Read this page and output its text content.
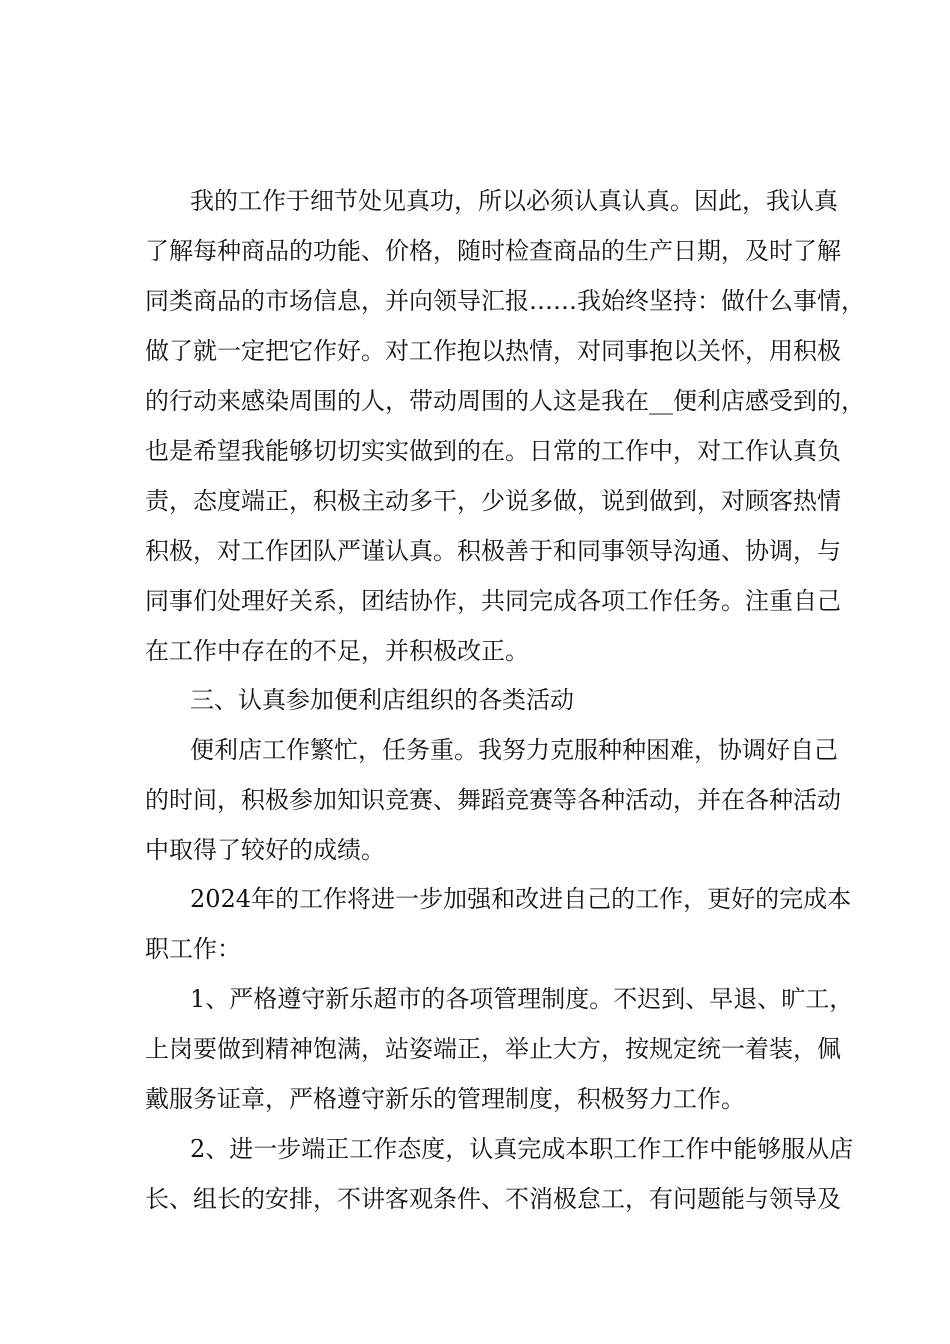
我的工作于细节处见真功，所以必须认真认真。因此，我认真
了解每种商品的功能、价格，随时检查商品的生产日期，及时了解
同类商品的市场信息，并向领导汇报……我始终坚持：做什么事情，
做了就一定把它作好。对工作抱以热情，对同事抱以关怀，用积极
的行动来感染周围的人，带动周围的人这是我在__便利店感受到的，
也是希望我能够切切实实做到的在。日常的工作中，对工作认真负
责，态度端正，积极主动多干，少说多做，说到做到，对顾客热情
积极，对工作团队严谨认真。积极善于和同事领导沟通、协调，与
同事们处理好关系，团结协作，共同完成各项工作任务。注重自己
在工作中存在的不足，并积极改正。
三、认真参加便利店组织的各类活动
便利店工作繁忙，任务重。我努力克服种种困难，协调好自己
的时间，积极参加知识竞赛、舞蹈竞赛等各种活动，并在各种活动
中取得了较好的成绩。
2024年的工作将进一步加强和改进自己的工作，更好的完成本
职工作：
1、严格遵守新乐超市的各项管理制度。不迟到、早退、旷工，
上岗要做到精神饱满，站姿端正，举止大方，按规定统一着装，佩
戴服务证章，严格遵守新乐的管理制度，积极努力工作。
2、进一步端正工作态度，认真完成本职工作工作中能够服从店
长、组长的安排，不讲客观条件、不消极怠工，有问题能与领导及
